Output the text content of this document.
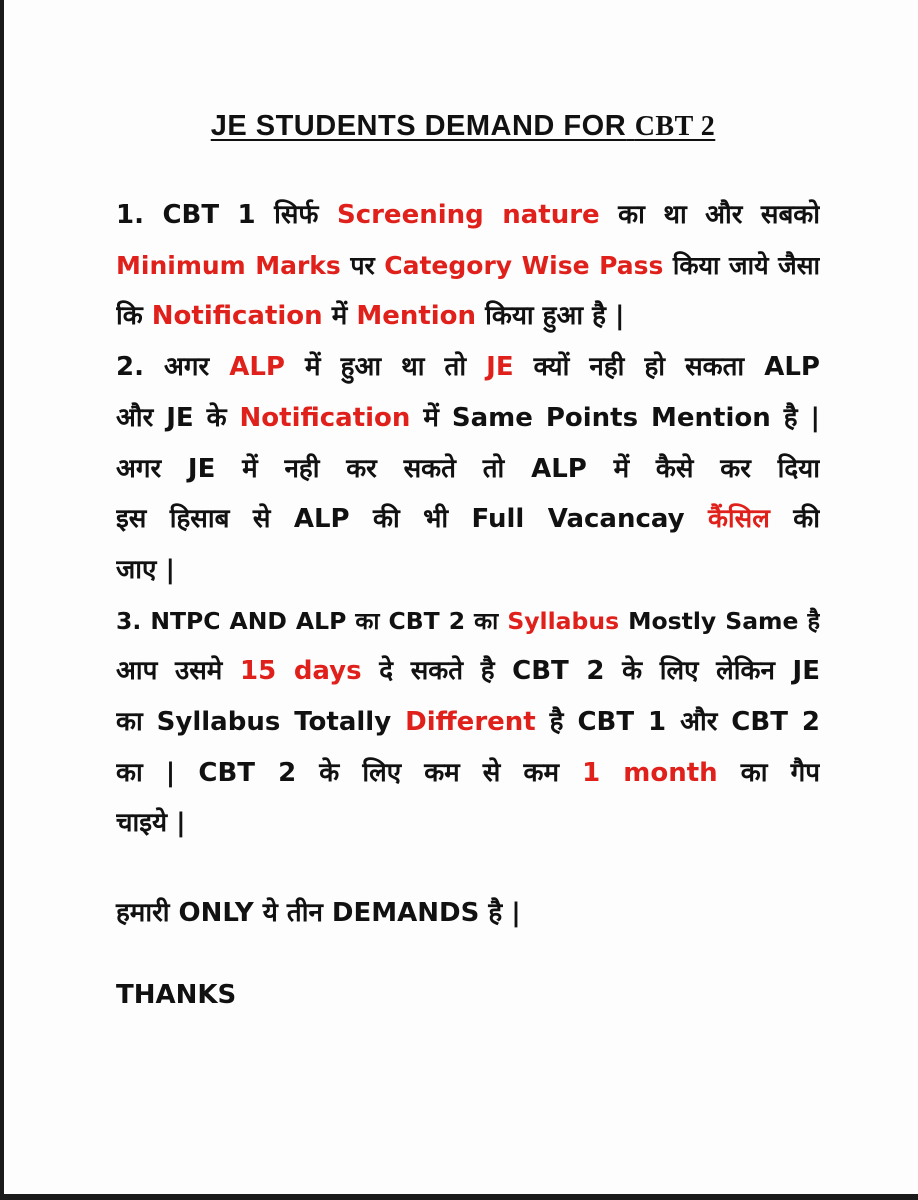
JE STUDENTS DEMAND FOR CBT 2
1. CBT 1 सिर्फ Screening nature का था और सबको
Minimum Marks पर Category Wise Pass किया जाये जैसा
कि Notification में Mention किया हुआ है |
2. अगर ALP में हुआ था तो JE क्यों नही हो सकता ALP
और JE के Notification में Same Points Mention है |
अगर JE में नही कर सकते तो ALP में कैसे कर दिया
इस हिसाब से ALP की भी Full Vacancay कैंसिल की
जाए |
3. NTPC AND ALP का CBT 2 का Syllabus Mostly Same है
आप उसमे 15 days दे सकते है CBT 2 के लिए लेकिन JE
का Syllabus Totally Different है CBT 1 और CBT 2
का | CBT 2 के लिए कम से कम 1 month का गैप
चाइये |
हमारी ONLY ये तीन DEMANDS है |
THANKS
